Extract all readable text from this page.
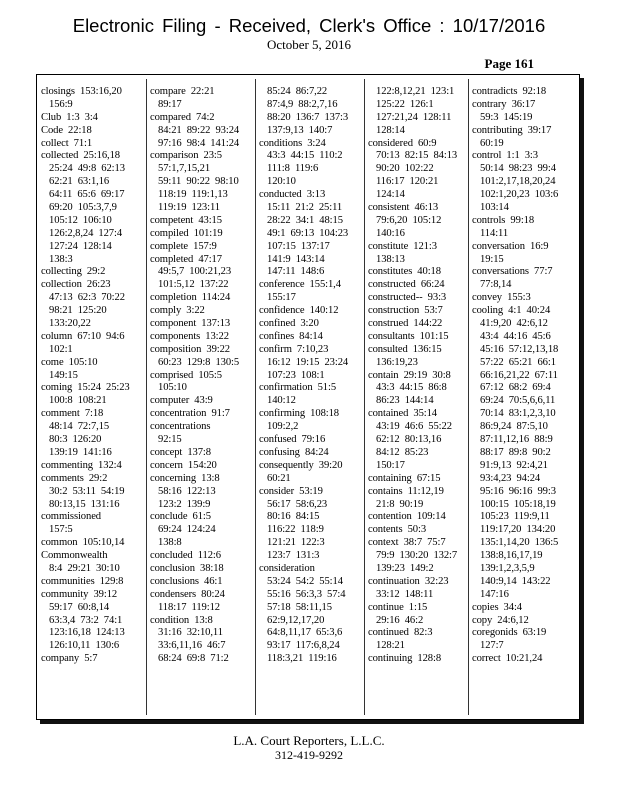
Electronic Filing - Received, Clerk's Office : 10/17/2016
October 5, 2016
Page 161
closings  153:16,20
156:9
Club  1:3  3:4
Code  22:18
collect  71:1
collected  25:16,18
25:24  49:8  62:13
62:21  63:1,16
64:11  65:6  69:17
69:20  105:3,7,9
105:12  106:10
126:2,8,24  127:4
127:24  128:14
138:3
collecting  29:2
collection  26:23
47:13  62:3  70:22
98:21  125:20
133:20,22
column  67:10  94:6
102:1
come  105:10
149:15
coming  15:24  25:23
100:8  108:21
comment  7:18
48:14  72:7,15
80:3  126:20
139:19  141:16
commenting  132:4
comments  29:2
30:2  53:11  54:19
80:13,15  131:16
commissioned
157:5
common  105:10,14
Commonwealth
8:4  29:21  30:10
communities  129:8
community  39:12
59:17  60:8,14
63:3,4  73:2  74:1
123:16,18  124:13
126:10,11  130:6
company  5:7
compare  22:21
89:17
compared  74:2
84:21  89:22  93:24
97:16  98:4  141:24
comparison  23:5
57:1,7,15,21
59:11  90:22  98:10
118:19  119:1,13
119:19  123:11
competent  43:15
compiled  101:19
complete  157:9
completed  47:17
49:5,7  100:21,23
101:5,12  137:22
completion  114:24
comply  3:22
component  137:13
components  13:22
composition  39:22
60:23  129:8  130:5
comprised  105:5
105:10
computer  43:9
concentration  91:7
concentrations
92:15
concept  137:8
concern  154:20
concerning  13:8
58:16  122:13
123:2  139:9
conclude  61:5
69:24  124:24
138:8
concluded  112:6
conclusion  38:18
conclusions  46:1
condensers  80:24
118:17  119:12
condition  13:8
31:16  32:10,11
33:6,11,16  46:7
68:24  69:8  71:2
85:24  86:7,22
87:4,9  88:2,7,16
88:20  136:7  137:3
137:9,13  140:7
conditions  3:24
43:3  44:15  110:2
111:8  119:6
120:10
conducted  3:13
15:11  21:2  25:11
28:22  34:1  48:15
49:1  69:13  104:23
107:15  137:17
141:9  143:14
147:11  148:6
conference  155:1,4
155:17
confidence  140:12
confined  3:20
confines  84:14
confirm  7:10,23
16:12  19:15  23:24
107:23  108:1
confirmation  51:5
140:12
confirming  108:18
109:2,2
confused  79:16
confusing  84:24
consequently  39:20
60:21
consider  53:19
56:17  58:6,23
80:16  84:15
116:22  118:9
121:21  122:3
123:7  131:3
consideration
53:24  54:2  55:14
55:16  56:3,3  57:4
57:18  58:11,15
62:9,12,17,20
64:8,11,17  65:3,6
93:17  117:6,8,24
118:3,21  119:16
122:8,12,21  123:1
125:22  126:1
127:21,24  128:11
128:14
considered  60:9
70:13  82:15  84:13
90:20  102:22
116:17  120:21
124:14
consistent  46:13
79:6,20  105:12
140:16
constitute  121:3
138:13
constitutes  40:18
constructed  66:24
constructed--  93:3
construction  53:7
construed  144:22
consultants  101:15
consulted  136:15
136:19,23
contain  29:19  30:8
43:3  44:15  86:8
86:23  144:14
contained  35:14
43:19  46:6  55:22
62:12  80:13,16
84:12  85:23
150:17
containing  67:15
contains  11:12,19
21:8  90:19
contention  109:14
contents  50:3
context  38:7  75:7
79:9  130:20  132:7
139:23  149:2
continuation  32:23
33:12  148:11
continue  1:15
29:16  46:2
continued  82:3
128:21
continuing  128:8
contradicts  92:18
contrary  36:17
59:3  145:19
contributing  39:17
60:19
control  1:1  3:3
50:14  98:23  99:4
101:2,17,18,20,24
102:1,20,23  103:6
103:14
controls  99:18
114:11
conversation  16:9
19:15
conversations  77:7
77:8,14
convey  155:3
cooling  4:1  40:24
41:9,20  42:6,12
43:4  44:16  45:6
45:16  57:12,13,18
57:22  65:21  66:1
66:16,21,22  67:11
67:12  68:2  69:4
69:24  70:5,6,6,11
70:14  83:1,2,3,10
86:9,24  87:5,10
87:11,12,16  88:9
88:17  89:8  90:2
91:9,13  92:4,21
93:4,23  94:24
95:16  96:16  99:3
100:15  105:18,19
105:23  119:9,11
119:17,20  134:20
135:1,14,20  136:5
138:8,16,17,19
139:1,2,3,5,9
140:9,14  143:22
147:16
copies  34:4
copy  24:6,12
coregonids  63:19
127:7
correct  10:21,24
L.A. Court Reporters, L.L.C.
312-419-9292
